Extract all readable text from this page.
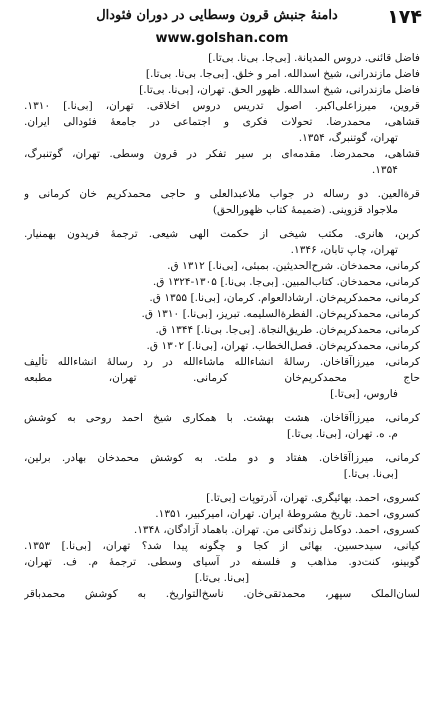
۱۷۴
دامنهٔ جنبش قرون وسطایی در دوران فئودال
www.golshan.com
فاضل قائنی. دروس المدیانة. [بی‌جا. بی‌نا. بی‌تا.]
فاضل مازندرانی، شیخ اسدالله. امر و خلق. [بی‌جا. بی‌نا. بی‌تا.]
فاضل مازندرانی، شیخ اسدالله. ظهور الحق. تهران، [بی‌نا. بی‌تا.]
قروین، میرزاعلی‌اکبر. اصول تدریس دروس اخلاقی. تهران، [بی‌نا.] ۱۳۱۰.
قشاهی، محمدرضا. تحولات فکری و اجتماعی در جامعهٔ فئودالی ایران.
تهران، گوتنبرگ، ۱۳۵۴.
قشاهی، محمدرضا. مقدمه‌ای بر سیر تفکر در قرون وسطی. تهران، گوتنبرگ،
۱۳۵۴.
قرةالعین. دو رساله در جواب ملاعبدالعلی و حاجی محمدکریم خان کرمانی و
ملاجواد قزوینی. (ضمیمهٔ کتاب ظهورالحق)
کربن، هانری. مکتب شیخی از حکمت الهی شیعی. ترجمهٔ فریدون بهمنیار.
تهران، چاپ تابان، ۱۳۴۶.
کرمانی، محمدخان. شرح‌الحدیثین. بمبئی، [بی‌نا.] ۱۳۱۲ ق.
کرمانی، محمدخان. کتاب‌المبین. [بی‌جا. بی‌نا.] ۱۳۰۵-۱۳۲۴ ق.
کرمانی، محمدکریم‌خان. ارشادالعوام. کرمان، [بی‌نا.] ۱۳۵۵ ق.
کرمانی، محمدکریم‌خان. الفطرةالسلیمه. تبریز، [بی‌نا.] ۱۳۱۰ ق.
کرمانی، محمدکریم‌خان. طریق‌النجاة. [بی‌جا. بی‌نا.] ۱۳۴۴ ق.
کرمانی، محمدکریم‌خان. فصل‌الخطاب. تهران، [بی‌نا.] ۱۳۰۲ ق.
کرمانی، میرزاآقاخان. رسالهٔ انشاءالله ماشاءالله در رد رسالهٔ انشاءالله تألیف
حاج محمدکریم‌خان کرمانی. تهران، مطبعه
فاروس، [بی‌تا.]
کرمانی، میرزاآقاخان. هشت بهشت. با همکاری شیخ احمد روحی به کوشش
م. ه. تهران، [بی‌نا. بی‌تا.]
کرمانی، میرزاآقاخان. هفتاد و دو ملت. به کوشش محمدخان بهادر. برلین،
[بی‌نا. بی‌تا.]
کسروی، احمد. بهائیگری. تهران، آذرتوپات [بی‌تا.]
کسروی، احمد. تاریخ مشروطهٔ ایران. تهران، امیرکبیر، ۱۳۵۱.
کسروی، احمد. دوکامل زندگانی من. تهران. باهماد آزادگان، ۱۳۴۸.
کیانی، سیدحسین. بهائی از کجا و چگونه پیدا شد؟ تهران، [بی‌نا.] ۱۳۵۳.
گوبینو، کنت‌دو. مذاهب و فلسفه در آسیای وسطی. ترجمهٔ م. ف. تهران،
[بی‌نا. بی‌تا.]
لسان‌الملک سپهر، محمدتقی‌خان. ناسخ‌التواریخ. به کوشش محمدباقر
